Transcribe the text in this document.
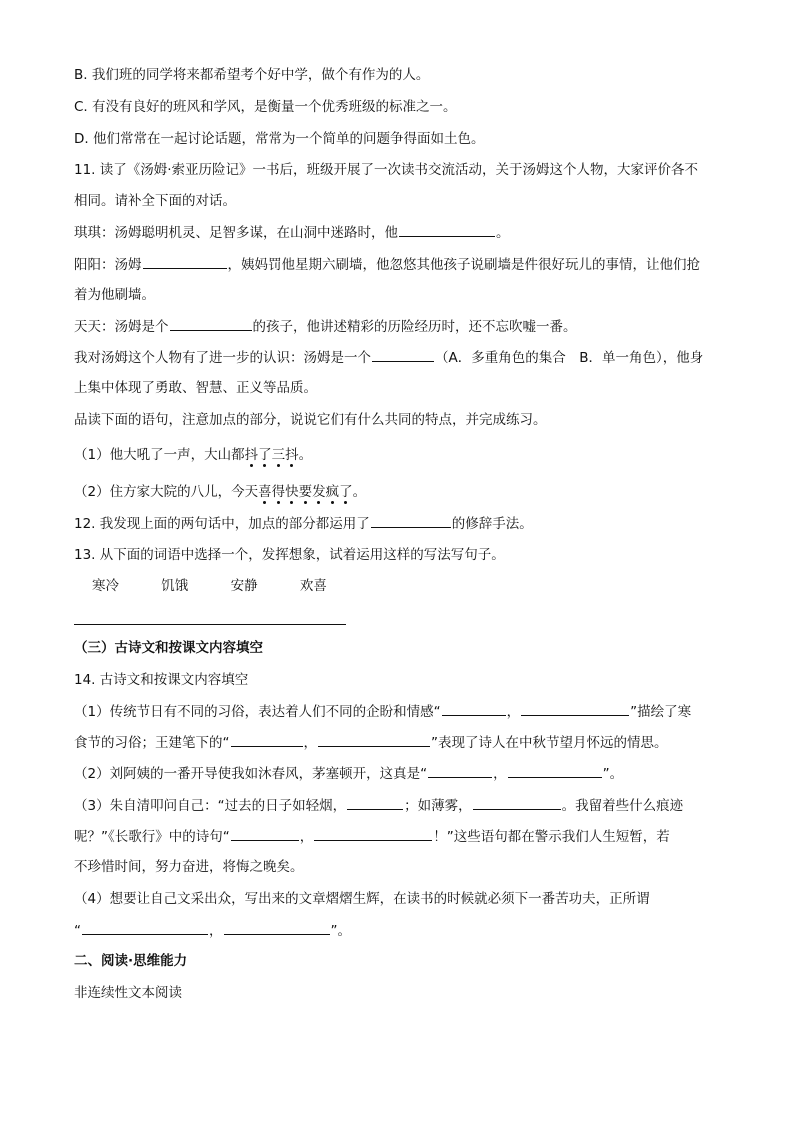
B. 我们班的同学将来都希望考个好中学，做个有作为的人。
C. 有没有良好的班风和学风，是衡量一个优秀班级的标准之一。
D. 他们常常在一起讨论话题，常常为一个简单的问题争得面如土色。
11. 读了《汤姆·索亚历险记》一书后，班级开展了一次读书交流活动，关于汤姆这个人物，大家评价各不
相同。请补全下面的对话。
琪琪：汤姆聪明机灵、足智多谋，在山洞中迷路时，他	。
阳阳：汤姆	，姨妈罚他星期六刷墙，他忽悠其他孩子说刷墙是件很好玩儿的事情，让他们抢
着为他刷墙。
天天：汤姆是个	的孩子，他讲述精彩的历险经历时，还不忘吹嘘一番。
我对汤姆这个人物有了进一步的认识：汤姆是一个	（A．多重角色的集合　B．单一角色），他身
上集中体现了勇敢、智慧、正义等品质。
品读下面的语句，注意加点的部分，说说它们有什么共同的特点，并完成练习。
（1）他大吼了一声，大山都抖了三抖。
（2）住方家大院的八儿，今天喜得快要发疯了。
12. 我发现上面的两句话中，加点的部分都运用了	的修辞手法。
13. 从下面的词语中选择一个，发挥想象，试着运用这样的写法写句子。
寒冷	饥饿	安静	欢喜
（三）古诗文和按课文内容填空
14. 古诗文和按课文内容填空
（1）传统节日有不同的习俗，表达着人们不同的企盼和情感“	，	”描绘了寒
食节的习俗；王建笔下的“	，	”表现了诗人在中秋节望月怀远的情思。
（2）刘阿姨的一番开导使我如沐春风，茅塞顿开，这真是“	，	”。
（3）朱自清叩问自己：“过去的日子如轻烟，	；如薄雾，	。我留着些什么痕迹
呢？”《长歌行》中的诗句“	，	！”这些语句都在警示我们人生短暂，若
不珍惜时间，努力奋进，将悔之晚矣。
（4）想要让自己文采出众，写出来的文章熠熠生辉，在读书的时候就必须下一番苦功夫，正所谓
“	，	”。
二、阅读·思维能力
非连续性文本阅读
